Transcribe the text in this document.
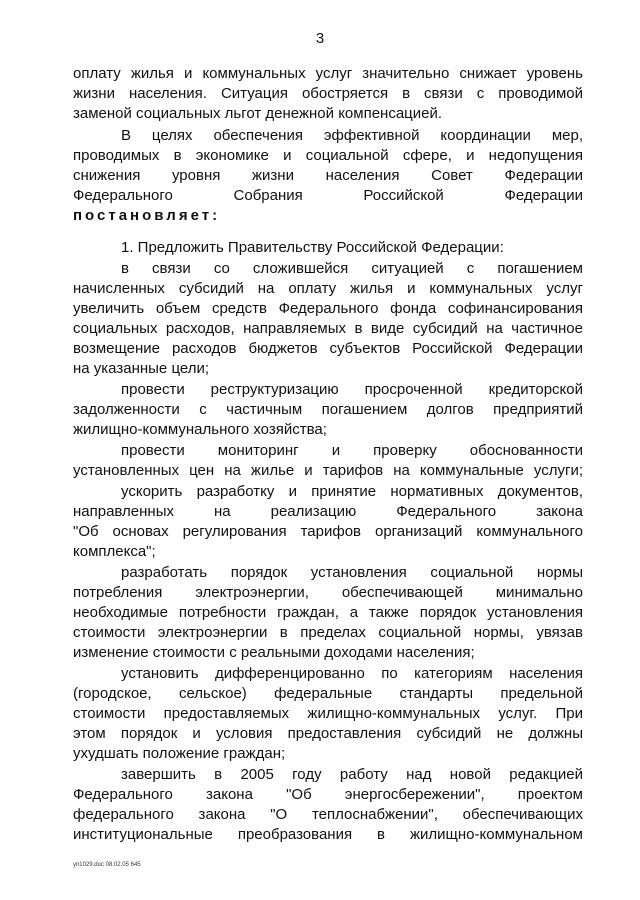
3
оплату жилья и коммунальных услуг значительно снижает уровень
жизни населения. Ситуация обостряется в связи с проводимой
заменой социальных льгот денежной компенсацией.
В целях обеспечения эффективной координации мер,
проводимых в экономике и социальной сфере, и недопущения
снижения уровня жизни населения Совет Федерации
Федерального Собрания Российской Федерации
постановляет:
1. Предложить Правительству Российской Федерации:
в связи со сложившейся ситуацией с погашением
начисленных субсидий на оплату жилья и коммунальных услуг
увеличить объем средств Федерального фонда софинансирования
социальных расходов, направляемых в виде субсидий на частичное
возмещение расходов бюджетов субъектов Российской Федерации
на указанные цели;
провести реструктуризацию просроченной кредиторской
задолженности с частичным погашением долгов предприятий
жилищно-коммунального хозяйства;
провести мониторинг и проверку обоснованности
установленных цен на жилье и тарифов на коммунальные услуги;
ускорить разработку и принятие нормативных документов,
направленных на реализацию Федерального закона
"Об основах регулирования тарифов организаций коммунального
комплекса";
разработать порядок установления социальной нормы
потребления электроэнергии, обеспечивающей минимально
необходимые потребности граждан, а также порядок установления
стоимости электроэнергии в пределах социальной нормы, увязав
изменение стоимости с реальными доходами населения;
установить дифференцированно по категориям населения
(городское, сельское) федеральные стандарты предельной
стоимости предоставляемых жилищно-коммунальных услуг. При
этом порядок и условия предоставления субсидий не должны
ухудшать положение граждан;
завершить в 2005 году работу над новой редакцией
Федерального закона "Об энергосбережении", проектом
федерального закона "О теплоснабжении", обеспечивающих
институциональные преобразования в жилищно-коммунальном
уп1029.doc 08.02.05 645
